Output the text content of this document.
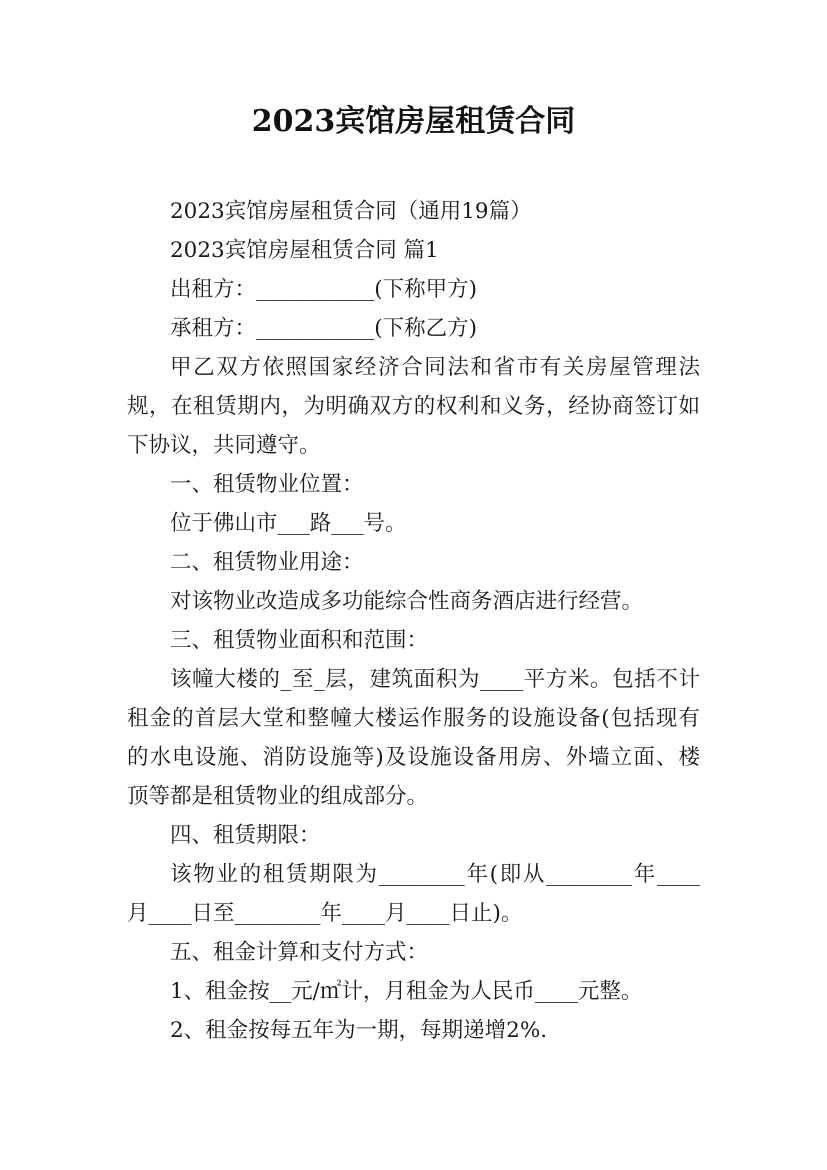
2023宾馆房屋租赁合同
2023宾馆房屋租赁合同（通用19篇）
2023宾馆房屋租赁合同 篇1
出租方：___________(下称甲方)
承租方：___________(下称乙方)
甲乙双方依照国家经济合同法和省市有关房屋管理法
规，在租赁期内，为明确双方的权利和义务，经协商签订如
下协议，共同遵守。
一、租赁物业位置：
位于佛山市___路___号。
二、租赁物业用途：
对该物业改造成多功能综合性商务酒店进行经营。
三、租赁物业面积和范围：
该幢大楼的_至_层，建筑面积为____平方米。包括不计
租金的首层大堂和整幢大楼运作服务的设施设备(包括现有
的水电设施、消防设施等)及设施设备用房、外墙立面、楼
顶等都是租赁物业的组成部分。
四、租赁期限：
该物业的租赁期限为________年(即从________年____
月____日至________年____月____日止)。
五、租金计算和支付方式：
1、租金按__元/㎡计，月租金为人民币____元整。
2、租金按每五年为一期，每期递增2%.
